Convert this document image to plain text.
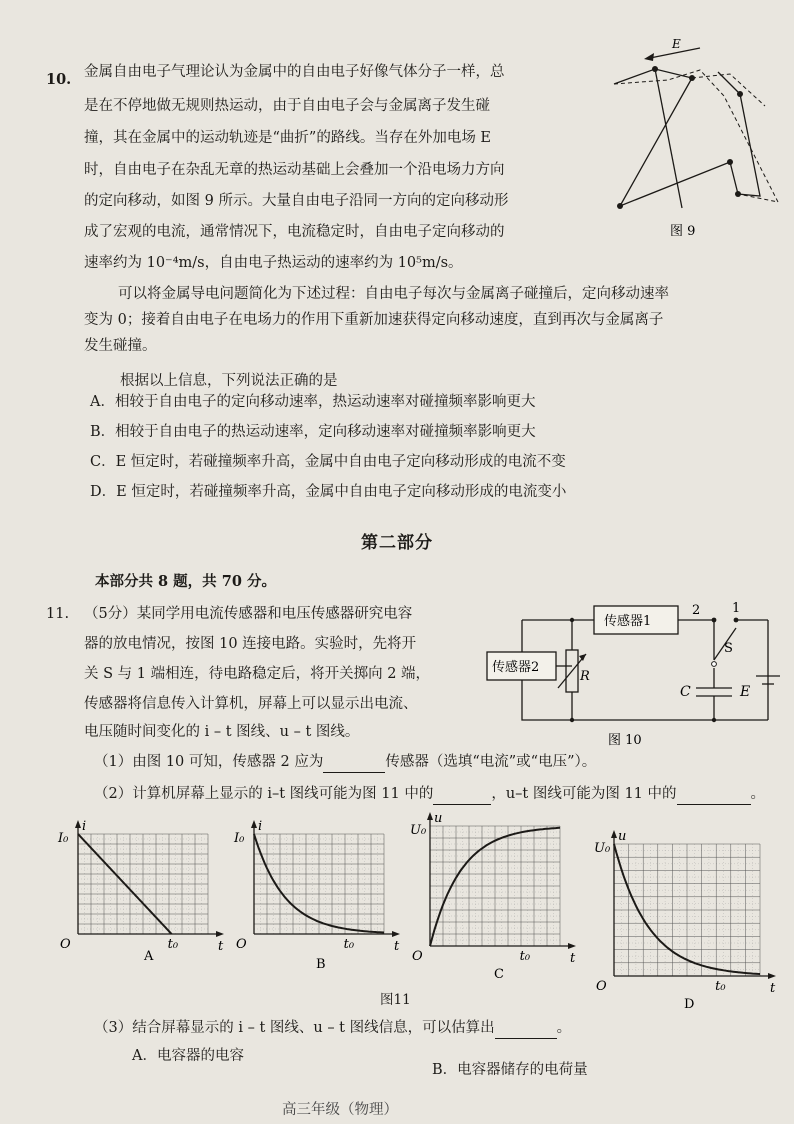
10. 金属自由电子气理论认为金属中的自由电子好像气体分子一样，总
是在不停地做无规则热运动，由于自由电子会与金属离子发生碰
撞，其在金属中的运动轨迹是“曲折”的路线。当存在外加电场 E
时，自由电子在杂乱无章的热运动基础上会叠加一个沿电场力方向
的定向移动，如图 9 所示。大量自由电子沿同一方向的定向移动形
成了宏观的电流，通常情况下，电流稳定时，自由电子定向移动的
速率约为 10⁻⁴m/s，自由电子热运动的速率约为 10⁵m/s。
可以将金属导电问题简化为下述过程：自由电子每次与金属离子碰撞后，定向移动速率
变为 0；接着自由电子在电场力的作用下重新加速获得定向移动速度，直到再次与金属离子
发生碰撞。
根据以上信息，下列说法正确的是
A．相较于自由电子的定向移动速率，热运动速率对碰撞频率影响更大
B．相较于自由电子的热运动速率，定向移动速率对碰撞频率影响更大
C．E 恒定时，若碰撞频率升高，金属中自由电子定向移动形成的电流不变
D．E 恒定时，若碰撞频率升高，金属中自由电子定向移动形成的电流变小
E
图 9
第二部分
本部分共 8 题，共 70 分。
11. （5分）某同学用电流传感器和电压传感器研究电容
器的放电情况，按图 10 连接电路。实验时，先将开
关 S 与 1 端相连，待电路稳定后，将开关掷向 2 端，
传感器将信息传入计算机，屏幕上可以显示出电流、
电压随时间变化的 i – t 图线、u – t 图线。
（1）由图 10 可知，传感器 2 应为	传感器（选填“电流”或“电压”）。
（2）计算机屏幕上显示的 i–t 图线可能为图 11 中的	，u–t 图线可能为图 11 中的	。
传感器1
传感器2
2 1
S
R
C	E
图 10
i
I₀
O	t
t₀
A
i
I₀
O	t
t₀
B
u
U₀
O	t
t₀
C
u
U₀
O	t
t₀
D
图11
（3）结合屏幕显示的 i – t 图线、u – t 图线信息，可以估算出	。
A．电容器的电容
B．电容器储存的电荷量
高三年级（物理）
